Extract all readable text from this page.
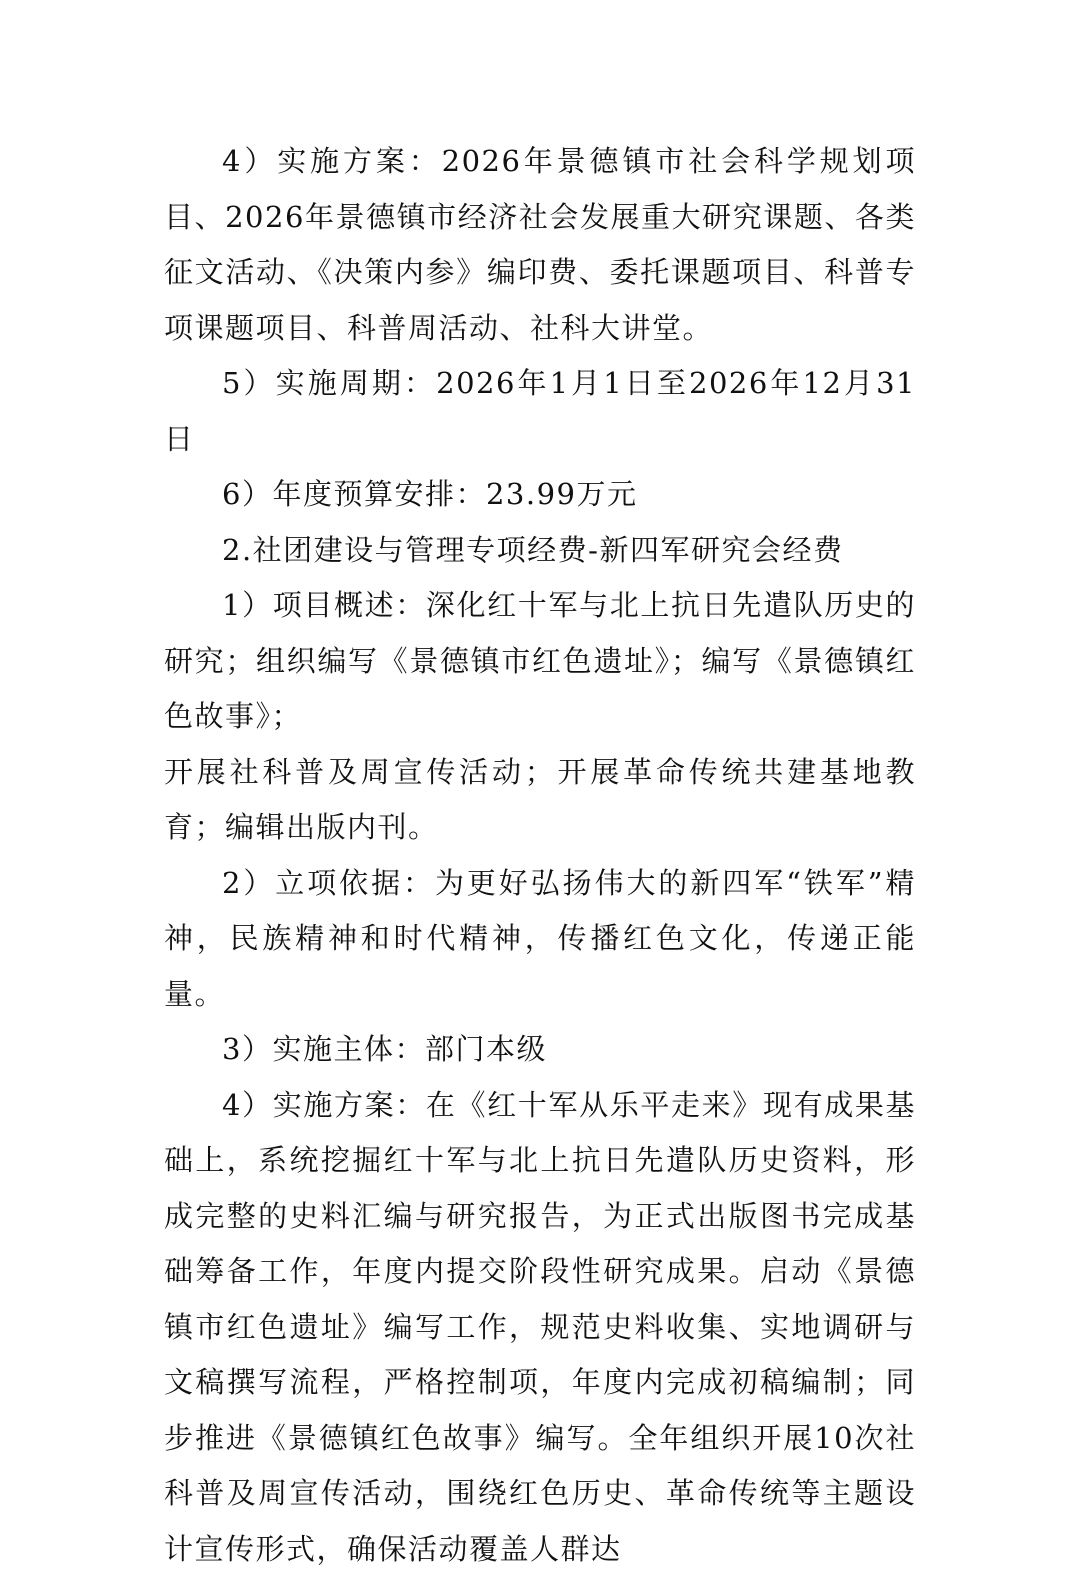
4）实施方案：2026年景德镇市社会科学规划项目、2026年景德镇市经济社会发展重大研究课题、各类征文活动、《决策内参》编印费、委托课题项目、科普专项课题项目、科普周活动、社科大讲堂。

5）实施周期：2026年1月1日至2026年12月31日

6）年度预算安排：23.99万元

2.社团建设与管理专项经费-新四军研究会经费

1）项目概述：深化红十军与北上抗日先遣队历史的研究；组织编写《景德镇市红色遗址》；编写《景德镇红色故事》；

开展社科普及周宣传活动；开展革命传统共建基地教育；编辑出版内刊。

2）立项依据：为更好弘扬伟大的新四军“铁军”精神，民族精神和时代精神，传播红色文化，传递正能量。

3）实施主体：部门本级

4）实施方案：在《红十军从乐平走来》现有成果基础上，系统挖掘红十军与北上抗日先遣队历史资料，形成完整的史料汇编与研究报告，为正式出版图书完成基础筹备工作，年度内提交阶段性研究成果。启动《景德镇市红色遗址》编写工作，规范史料收集、实地调研与文稿撰写流程，严格控制项，年度内完成初稿编制；同步推进《景德镇红色故事》编写。全年组织开展10次社科普及周宣传活动，围绕红色历史、革命传统等主题设计宣传形式，确保活动覆盖人群达
